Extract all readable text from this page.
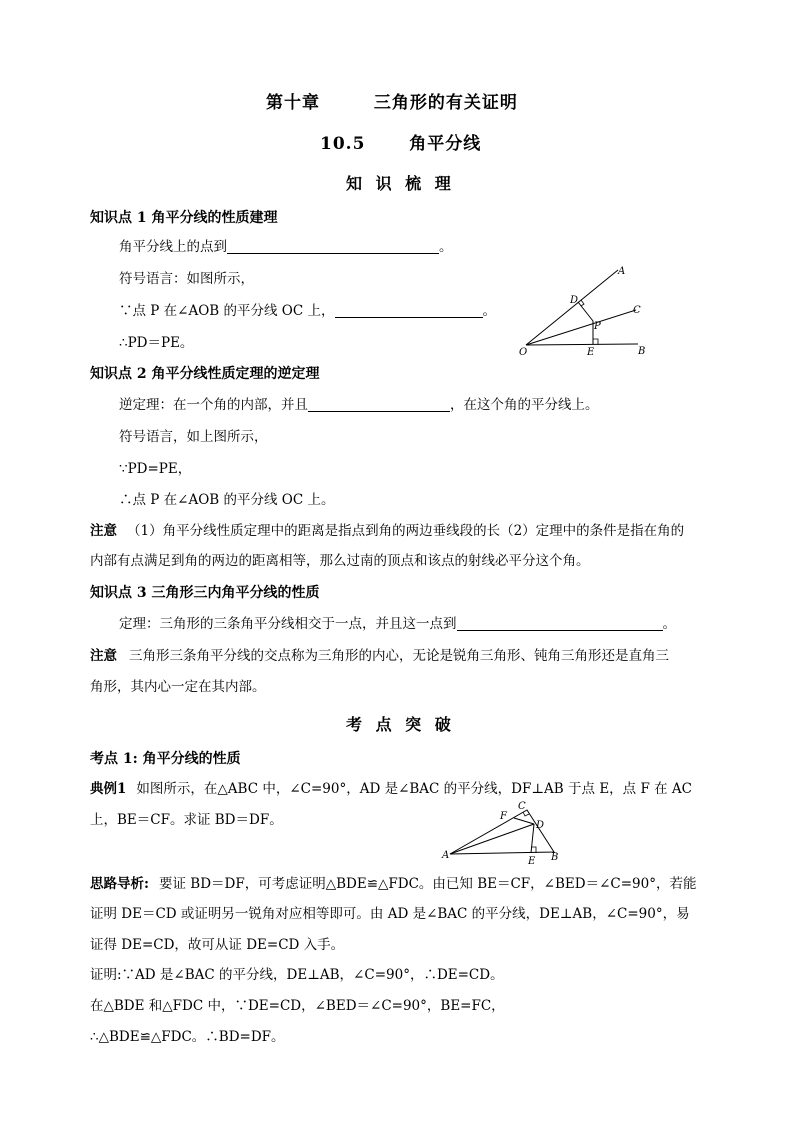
第十章	三角形的有关证明
10.5	角平分线
知 识 梳 理
知识点 1 角平分线的性质建理
角平分线上的点到	。
符号语言：如图所示，
∵点 P 在∠AOB 的平分线 OC 上，	。
∴PD＝PE。
A
C
B
D
P
E
O
知识点 2 角平分线性质定理的逆定理
逆定理：在一个角的内部，并且	，在这个角的平分线上。
符号语言，如上图所示，
∵PD=PE，
∴点 P 在∠AOB 的平分线 OC 上。
注意 （1）角平分线性质定理中的距离是指点到角的两边垂线段的长（2）定理中的条件是指在角的
内部有点满足到角的两边的距离相等，那么过南的顶点和该点的射线必平分这个角。
知识点 3 三角形三内角平分线的性质
定理：三角形的三条角平分线相交于一点，并且这一点到	。
注意 三角形三条角平分线的交点称为三角形的内心，无论是锐角三角形、钝角三角形还是直角三
角形，其内心一定在其内部。
考 点 突 破
考点 1: 角平分线的性质
典例1 如图所示，在△ABC 中，∠C=90°，AD 是∠BAC 的平分线，DF⊥AB 于点 E，点 F 在 AC
上，BE＝CF。求证 BD＝DF。
C
F
D
A
E B
思路导析: 要证 BD＝DF，可考虑证明△BDE≌△FDC。由已知 BE＝CF，∠BED＝∠C=90°，若能
证明 DE＝CD 或证明另一锐角对应相等即可。由 AD 是∠BAC 的平分线，DE⊥AB，∠C=90°，易
证得 DE=CD，故可从证 DE=CD 入手。
证明:∵AD 是∠BAC 的平分线，DE⊥AB，∠C=90°，∴DE=CD。
在△BDE 和△FDC 中，∵DE=CD，∠BED＝∠C=90°，BE=FC，
∴△BDE≌△FDC。∴BD=DF。
